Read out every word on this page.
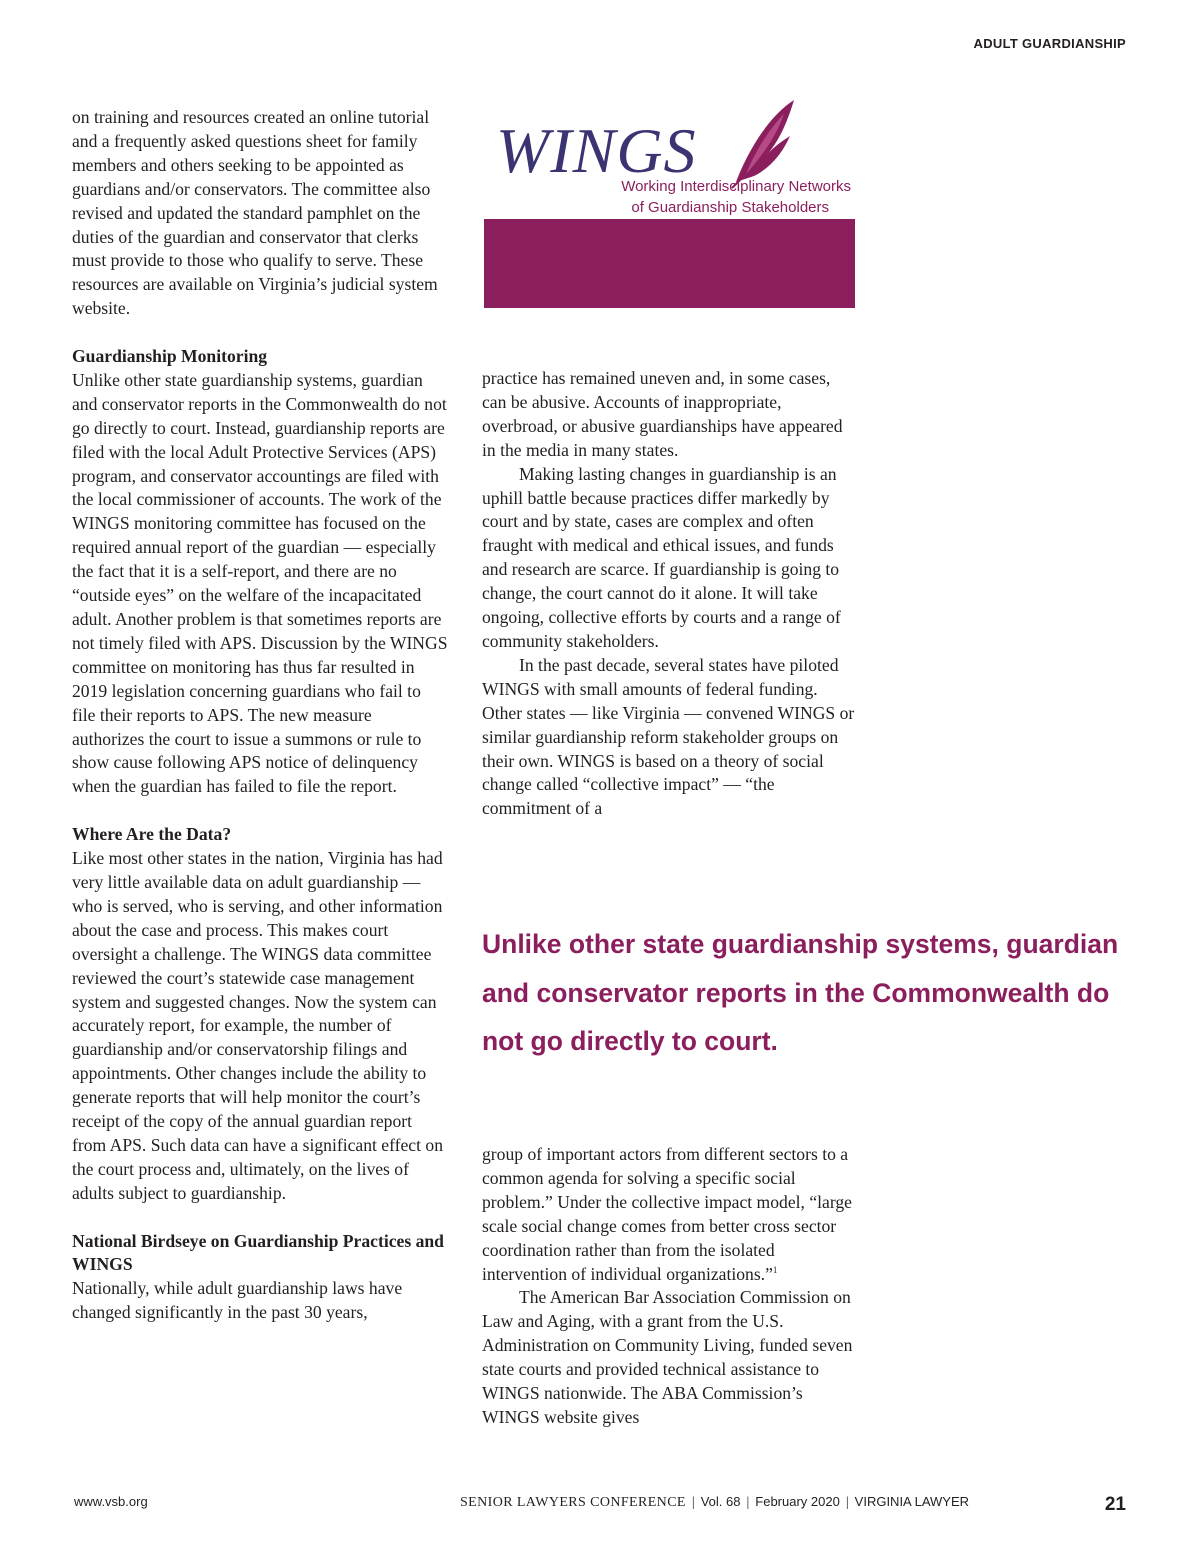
ADULT GUARDIANSHIP

on training and resources created an online tutorial and a frequently asked questions sheet for family members and others seeking to be appointed as guardians and/or conservators. The committee also revised and updated the standard pamphlet on the duties of the guardian and conservator that clerks must provide to those who qualify to serve. These resources are available on Virginia’s judicial system website.

Guardianship Monitoring

Unlike other state guardianship systems, guardian and conservator reports in the Commonwealth do not go directly to court. Instead, guardianship reports are filed with the local Adult Protective Services (APS) program, and conservator accountings are filed with the local commissioner of accounts. The work of the WINGS monitoring committee has focused on the required annual report of the guardian — especially the fact that it is a self-report, and there are no “outside eyes” on the welfare of the incapacitated adult. Another problem is that sometimes reports are not timely filed with APS. Discussion by the WINGS committee on monitoring has thus far resulted in 2019 legislation concerning guardians who fail to file their reports to APS. The new measure authorizes the court to issue a summons or rule to show cause following APS notice of delinquency when the guardian has failed to file the report.

Where Are the Data?

Like most other states in the nation, Virginia has had very little available data on adult guardianship — who is served, who is serving, and other information about the case and process. This makes court oversight a challenge. The WINGS data committee reviewed the court’s statewide case management system and suggested changes. Now the system can accurately report, for example, the number of guardianship and/or conservatorship filings and appointments. Other changes include the ability to generate reports that will help monitor the court’s receipt of the copy of the annual guardian report from APS. Such data can have a significant effect on the court process and, ultimately, on the lives of adults subject to guardianship.

National Birdseye on Guardianship Practices and WINGS

Nationally, while adult guardianship laws have changed significantly in the past 30 years,

WINGS
Working Interdisciplinary Networks
of Guardianship Stakeholders

practice has remained uneven and, in some cases, can be abusive. Accounts of inappropriate, overbroad, or abusive guardianships have appeared in the media in many states.

Making lasting changes in guardianship is an uphill battle because practices differ markedly by court and by state, cases are complex and often fraught with medical and ethical issues, and funds and research are scarce. If guardianship is going to change, the court cannot do it alone. It will take ongoing, collective efforts by courts and a range of community stakeholders.

In the past decade, several states have piloted WINGS with small amounts of federal funding. Other states — like Virginia — convened WINGS or similar guardianship reform stakeholder groups on their own. WINGS is based on a theory of social change called “collective impact” — “the commitment of a

Unlike other state guardianship systems, guardian and conservator reports in the Commonwealth do not go directly to court.

group of important actors from different sectors to a common agenda for solving a specific social problem.” Under the collective impact model, “large scale social change comes from better cross sector coordination rather than from the isolated intervention of individual organizations.”$^1$

The American Bar Association Commission on Law and Aging, with a grant from the U.S. Administration on Community Living, funded seven state courts and provided technical assistance to WINGS nationwide. The ABA Commission’s WINGS website gives

www.vsb.org	SENIOR LAWYERS CONFERENCE | Vol. 68 | February 2020 | VIRGINIA LAWYER	21
